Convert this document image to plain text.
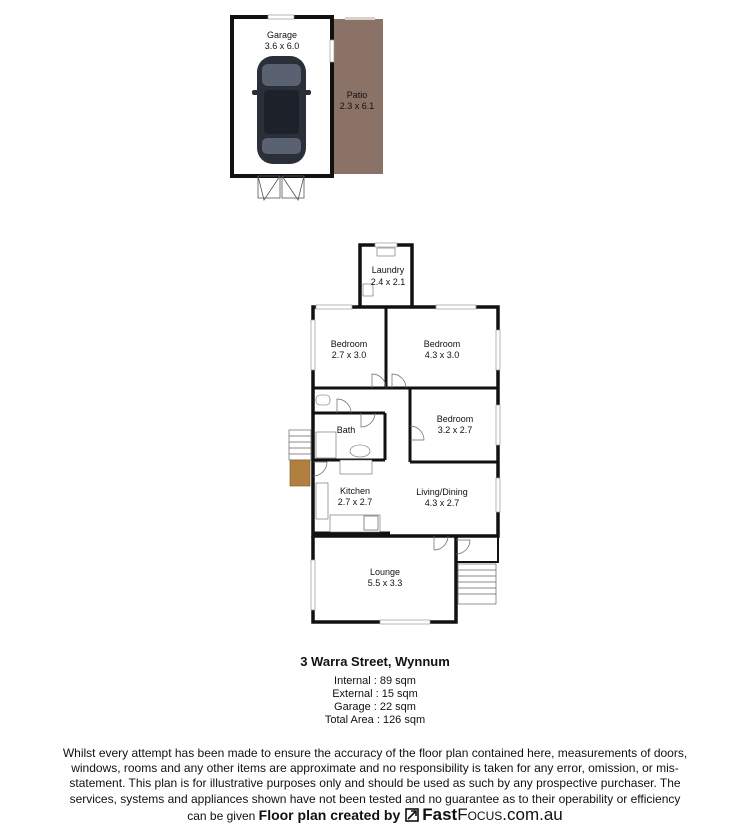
Garage
3.6 x 6.0
Patio
2.3 x 6.1
Laundry
2.4 x 2.1
Bedroom
2.7 x 3.0
Bedroom
4.3 x 3.0
Bedroom
3.2 x 2.7
Bath
Kitchen
2.7 x 2.7
Living/Dining
4.3 x 2.7
Lounge
5.5 x 3.3
3 Warra Street, Wynnum
Internal : 89 sqm
External : 15 sqm
Garage : 22 sqm
Total Area : 126 sqm
Whilst every attempt has been made to ensure the accuracy of the floor plan contained here, measurements of doors, windows, rooms and any other items are approximate and no responsibility is taken for any error, omission, or mis-statement. This plan is for illustrative purposes only and should be used as such by any prospective purchaser. The services, systems and appliances shown have not been tested and no guarantee as to their operability or efficiency can be given Floor plan created by FastFocus.com.au
